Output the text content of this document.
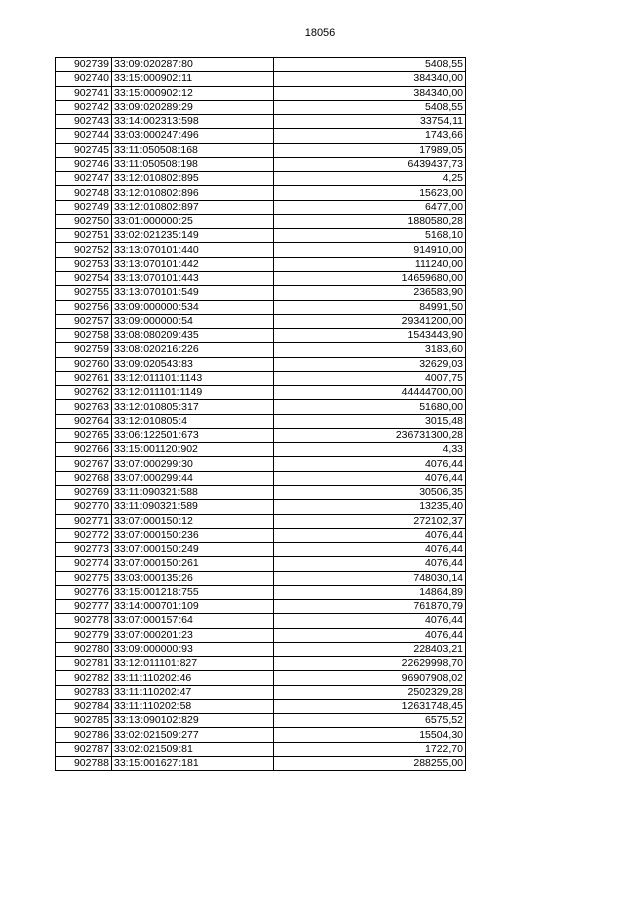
18056
902739	33:09:020287:80	5408,55
902740	33:15:000902:11	384340,00
902741	33:15:000902:12	384340,00
902742	33:09:020289:29	5408,55
902743	33:14:002313:598	33754,11
902744	33:03:000247:496	1743,66
902745	33:11:050508:168	17989,05
902746	33:11:050508:198	6439437,73
902747	33:12:010802:895	4,25
902748	33:12:010802:896	15623,00
902749	33:12:010802:897	6477,00
902750	33:01:000000:25	1880580,28
902751	33:02:021235:149	5168,10
902752	33:13:070101:440	914910,00
902753	33:13:070101:442	111240,00
902754	33:13:070101:443	14659680,00
902755	33:13:070101:549	236583,90
902756	33:09:000000:534	84991,50
902757	33:09:000000:54	29341200,00
902758	33:08:080209:435	1543443,90
902759	33:08:020216:226	3183,60
902760	33:09:020543:83	32629,03
902761	33:12:011101:1143	4007,75
902762	33:12:011101:1149	44444700,00
902763	33:12:010805:317	51680,00
902764	33:12:010805:4	3015,48
902765	33:06:122501:673	236731300,28
902766	33:15:001120:902	4,33
902767	33:07:000299:30	4076,44
902768	33:07:000299:44	4076,44
902769	33:11:090321:588	30506,35
902770	33:11:090321:589	13235,40
902771	33:07:000150:12	272102,37
902772	33:07:000150:236	4076,44
902773	33:07:000150:249	4076,44
902774	33:07:000150:261	4076,44
902775	33:03:000135:26	748030,14
902776	33:15:001218:755	14864,89
902777	33:14:000701:109	761870,79
902778	33:07:000157:64	4076,44
902779	33:07:000201:23	4076,44
902780	33:09:000000:93	228403,21
902781	33:12:011101:827	22629998,70
902782	33:11:110202:46	96907908,02
902783	33:11:110202:47	2502329,28
902784	33:11:110202:58	12631748,45
902785	33:13:090102:829	6575,52
902786	33:02:021509:277	15504,30
902787	33:02:021509:81	1722,70
902788	33:15:001627:181	288255,00
